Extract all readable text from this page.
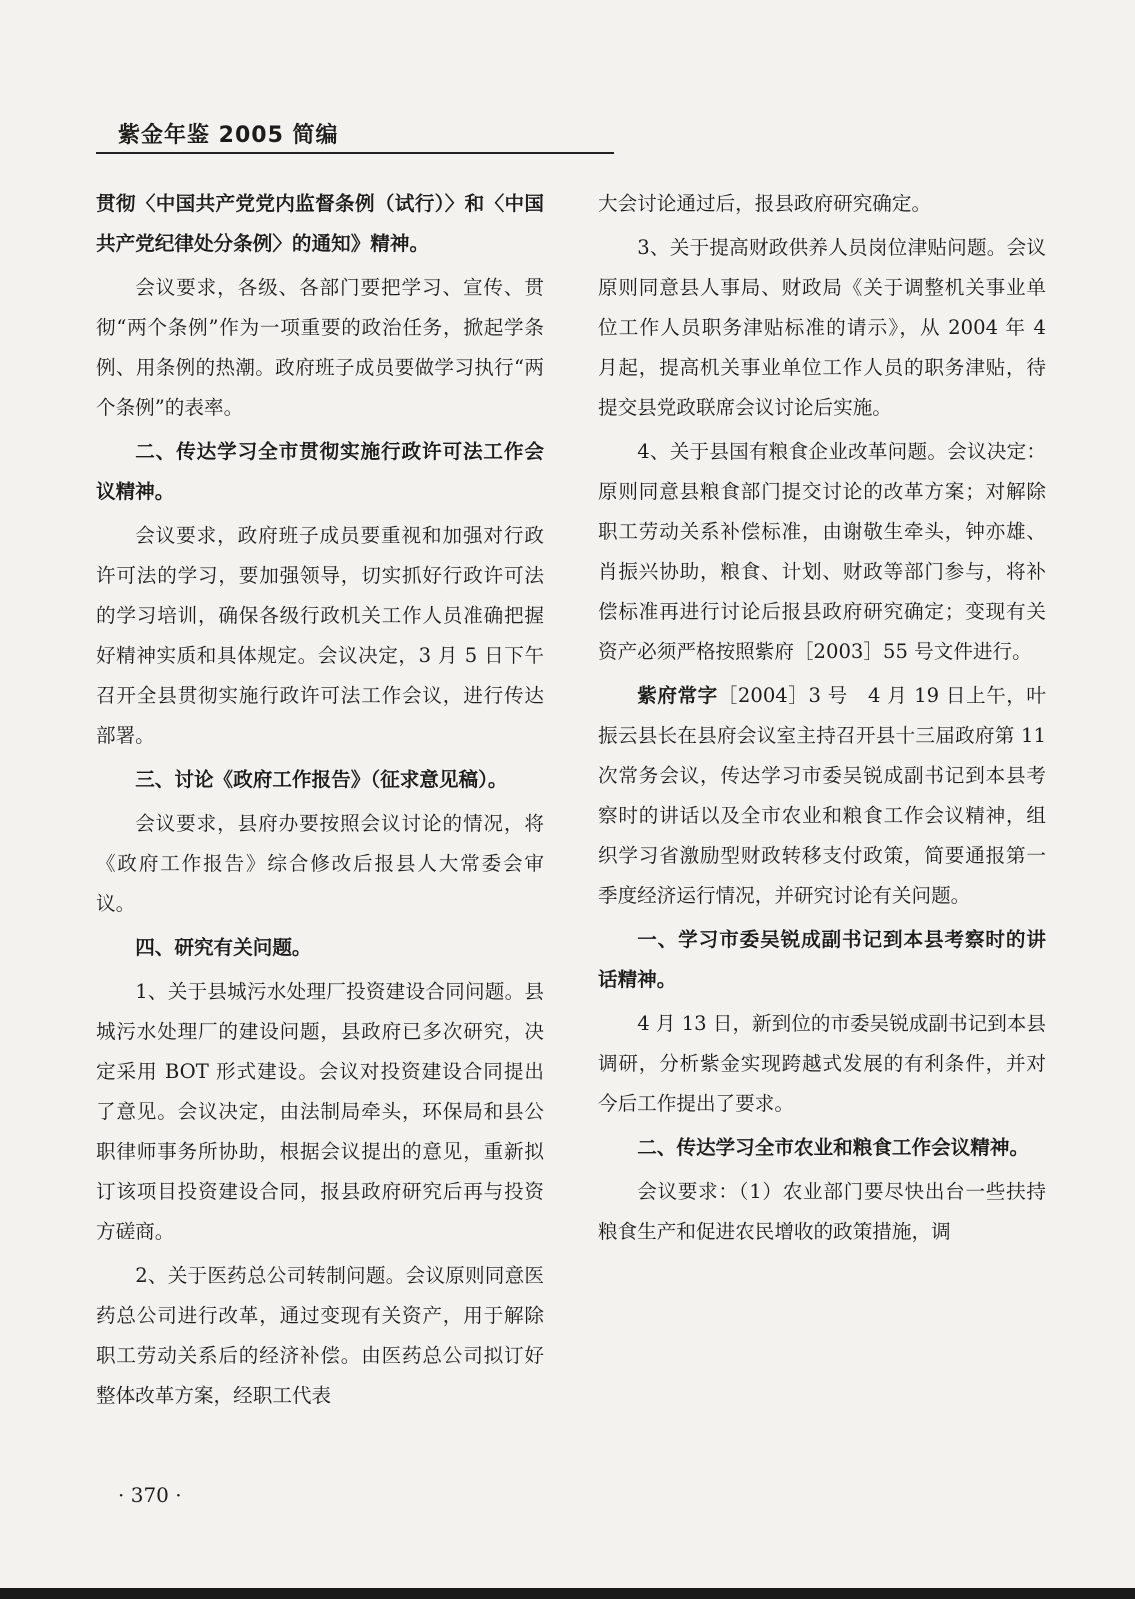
紫金年鉴 2005 简编

贯彻〈中国共产党党内监督条例（试行）〉和〈中国共产党纪律处分条例〉的通知》精神。

会议要求，各级、各部门要把学习、宣传、贯彻“两个条例”作为一项重要的政治任务，掀起学条例、用条例的热潮。政府班子成员要做学习执行“两个条例”的表率。

二、传达学习全市贯彻实施行政许可法工作会议精神。

会议要求，政府班子成员要重视和加强对行政许可法的学习，要加强领导，切实抓好行政许可法的学习培训，确保各级行政机关工作人员准确把握好精神实质和具体规定。会议决定，3 月 5 日下午召开全县贯彻实施行政许可法工作会议，进行传达部署。

三、讨论《政府工作报告》（征求意见稿）。

会议要求，县府办要按照会议讨论的情况，将《政府工作报告》综合修改后报县人大常委会审议。

四、研究有关问题。

1、关于县城污水处理厂投资建设合同问题。县城污水处理厂的建设问题，县政府已多次研究，决定采用 BOT 形式建设。会议对投资建设合同提出了意见。会议决定，由法制局牵头，环保局和县公职律师事务所协助，根据会议提出的意见，重新拟订该项目投资建设合同，报县政府研究后再与投资方磋商。

2、关于医药总公司转制问题。会议原则同意医药总公司进行改革，通过变现有关资产，用于解除职工劳动关系后的经济补偿。由医药总公司拟订好整体改革方案，经职工代表

大会讨论通过后，报县政府研究确定。

3、关于提高财政供养人员岗位津贴问题。会议原则同意县人事局、财政局《关于调整机关事业单位工作人员职务津贴标准的请示》，从 2004 年 4 月起，提高机关事业单位工作人员的职务津贴，待提交县党政联席会议讨论后实施。

4、关于县国有粮食企业改革问题。会议决定：原则同意县粮食部门提交讨论的改革方案；对解除职工劳动关系补偿标准，由谢敬生牵头，钟亦雄、肖振兴协助，粮食、计划、财政等部门参与，将补偿标准再进行讨论后报县政府研究确定；变现有关资产必须严格按照紫府［2003］55 号文件进行。

紫府常字［2004］3 号　4 月 19 日上午，叶振云县长在县府会议室主持召开县十三届政府第 11 次常务会议，传达学习市委吴锐成副书记到本县考察时的讲话以及全市农业和粮食工作会议精神，组织学习省激励型财政转移支付政策，简要通报第一季度经济运行情况，并研究讨论有关问题。

一、学习市委吴锐成副书记到本县考察时的讲话精神。

4 月 13 日，新到位的市委吴锐成副书记到本县调研，分析紫金实现跨越式发展的有利条件，并对今后工作提出了要求。

二、传达学习全市农业和粮食工作会议精神。

会议要求：（1）农业部门要尽快出台一些扶持粮食生产和促进农民增收的政策措施，调

· 370 ·
